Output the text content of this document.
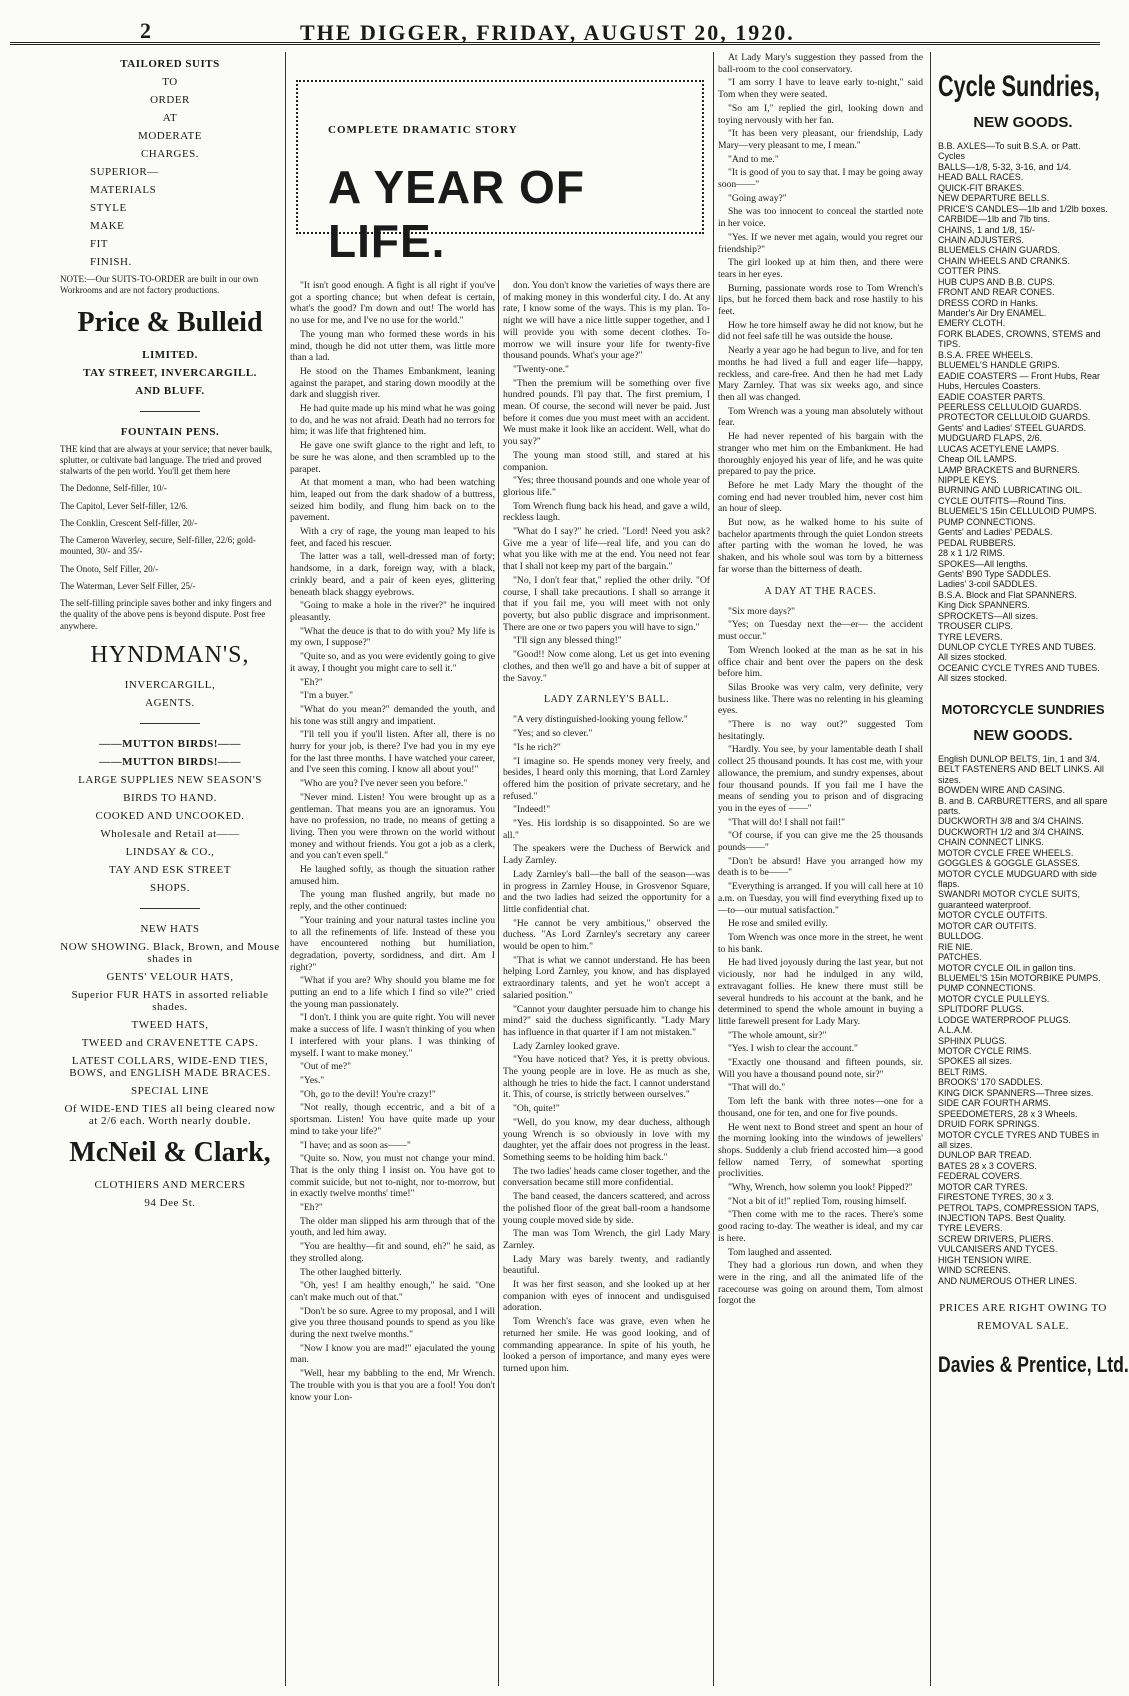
2	THE DIGGER, FRIDAY, AUGUST 20, 1920.
TAILORED SUITS
TO
ORDER
AT
MODERATE
CHARGES.
SUPERIOR—
MATERIALS
STYLE
MAKE
FIT
FINISH.
NOTE:—Our SUITS-TO-ORDER are built in our own Workrooms and are not factory productions.
Price & Bulleid
LIMITED.
TAY STREET, INVERCARGILL.
AND BLUFF.
FOUNTAIN PENS.
THE kind that are always at your service; that never baulk, splutter, or cultivate bad language. The tried and proved stalwarts of the pen world. You'll get them here
The Dedonne, Self-filler, 10/-
The Capitol, Lever Self-filler, 12/6.
The Conklin, Crescent Self-filler, 20/-
The Cameron Waverley, secure, Self-filler, 22/6; gold-mounted, 30/- and 35/-
The Onoto, Self Filler, 20/-
The Waterman, Lever Self Filler, 25/-
The self-filling principle saves bother and inky fingers and the quality of the above pens is beyond dispute. Post free anywhere.
HYNDMAN'S,
INVERCARGILL,
AGENTS.
——MUTTON BIRDS!——
——MUTTON BIRDS!——
LARGE SUPPLIES NEW SEASON'S
BIRDS TO HAND.
COOKED AND UNCOOKED.
Wholesale and Retail at——
LINDSAY & CO.,
TAY AND ESK STREET
SHOPS.
NEW HATS
NOW SHOWING. Black, Brown, and Mouse shades in
GENTS' VELOUR HATS,
Superior FUR HATS in assorted reliable shades.
TWEED HATS,
TWEED and CRAVENETTE CAPS.
LATEST COLLARS, WIDE-END TIES, BOWS, and ENGLISH MADE BRACES.
SPECIAL LINE
Of WIDE-END TIES all being cleared now at 2/6 each. Worth nearly double.
McNeil & Clark,
CLOTHIERS AND MERCERS
94 Dee St.
COMPLETE DRAMATIC STORY
A YEAR OF LIFE.

"It isn't good enough. A fight is all right if you've got a sporting chance; but when defeat is certain, what's the good? I'm down and out! The world has no use for me, and I've no use for the world."

The young man who formed these words in his mind, though he did not utter them, was little more than a lad.

He stood on the Thames Embankment, leaning against the parapet, and staring down moodily at the dark and sluggish river.

He had quite made up his mind what he was going to do, and he was not afraid. Death had no terrors for him; it was life that frightened him.

He gave one swift glance to the right and left, to be sure he was alone, and then scrambled up to the parapet.

At that moment a man, who had been watching him, leaped out from the dark shadow of a buttress, seized him bodily, and flung him back on to the pavement.

With a cry of rage, the young man leaped to his feet, and faced his rescuer.

The latter was a tall, well-dressed man of forty; handsome, in a dark, foreign way, with a black, crinkly beard, and a pair of keen eyes, glittering beneath black shaggy eyebrows.

"Going to make a hole in the river?" he inquired pleasantly.

"What the deuce is that to do with you? My life is my own, I suppose?"

"Quite so, and as you were evidently going to give it away, I thought you might care to sell it."

"Eh?"

"I'm a buyer."

"What do you mean?" demanded the youth, and his tone was still angry and impatient.

"I'll tell you if you'll listen. After all, there is no hurry for your job, is there? I've had you in my eye for the last three months. I have watched your career, and I've seen this coming. I know all about you!"

"Who are you? I've never seen you before."

"Never mind. Listen! You were brought up as a gentleman. That means you are an ignoramus. You have no profession, no trade, no means of getting a living. Then you were thrown on the world without money and without friends. You got a job as a clerk, and you can't even spell."

He laughed softly, as though the situation rather amused him.

The young man flushed angrily, but made no reply, and the other continued:

"Your training and your natural tastes incline you to all the refinements of life. Instead of these you have encountered nothing but humiliation, degradation, poverty, sordidness, and dirt. Am I right?"

"What if you are? Why should you blame me for putting an end to a life which I find so vile?" cried the young man passionately.

"I don't. I think you are quite right. You will never make a success of life. I wasn't thinking of you when I interfered with your plans. I was thinking of myself. I want to make money."

"Out of me?"

"Yes."

"Oh, go to the devil! You're crazy!"

"Not really, though eccentric, and a bit of a sportsman. Listen! You have quite made up your mind to take your life?"

"I have; and as soon as——"

"Quite so. Now, you must not change your mind. That is the only thing I insist on. You have got to commit suicide, but not to-night, nor to-morrow, but in exactly twelve months' time!"

"Eh?"

The older man slipped his arm through that of the youth, and led him away.

"You are healthy—fit and sound, eh?" he said, as they strolled along.

The other laughed bitterly.

"Oh, yes! I am healthy enough," he said. "One can't make much out of that."

"Don't be so sure. Agree to my proposal, and I will give you three thousand pounds to spend as you like during the next twelve months."

"Now I know you are mad!" ejaculated the young man.

"Well, hear my babbling to the end, Mr Wrench. The trouble with you is that you are a fool! You don't know your Lon-

don. You don't know the varieties of ways there are of making money in this wonderful city. I do. At any rate, I know some of the ways. This is my plan. To-night we will have a nice little supper together, and I will provide you with some decent clothes. To-morrow we will insure your life for twenty-five thousand pounds. What's your age?"

"Twenty-one."

"Then the premium will be something over five hundred pounds. I'll pay that. The first premium, I mean. Of course, the second will never be paid. Just before it comes due you must meet with an accident. We must make it look like an accident. Well, what do you say?"

The young man stood still, and stared at his companion.

"Yes; three thousand pounds and one whole year of glorious life."

Tom Wrench flung back his head, and gave a wild, reckless laugh.

"What do I say?" he cried. "Lord! Need you ask? Give me a year of life—real life, and you can do what you like with me at the end. You need not fear that I shall not keep my part of the bargain."

"No, I don't fear that," replied the other drily. "Of course, I shall take precautions. I shall so arrange it that if you fail me, you will meet with not only poverty, but also public disgrace and imprisonment. There are one or two papers you will have to sign."

"I'll sign any blessed thing!"

"Good!! Now come along. Let us get into evening clothes, and then we'll go and have a bit of supper at the Savoy."

LADY ZARNLEY'S BALL.

"A very distinguished-looking young fellow."

"Yes; and so clever."

"Is he rich?"

"I imagine so. He spends money very freely, and besides, I heard only this morning, that Lord Zarnley offered him the position of private secretary, and he refused."

"Indeed!"

"Yes. His lordship is so disappointed. So are we all."

The speakers were the Duchess of Berwick and Lady Zarnley.

Lady Zarnley's ball—the ball of the season—was in progress in Zarnley House, in Grosvenor Square, and the two ladies had seized the opportunity for a little confidential chat.

"He cannot be very ambitious," observed the duchess. "As Lord Zarnley's secretary any career would be open to him."

"That is what we cannot understand. He has been helping Lord Zarnley, you know, and has displayed extraordinary talents, and yet he won't accept a salaried position."

"Cannot your daughter persuade him to change his mind?" said the duchess significantly. "Lady Mary has influence in that quarter if I am not mistaken."

Lady Zarnley looked grave.

"You have noticed that? Yes, it is pretty obvious. The young people are in love. He as much as she, although he tries to hide the fact. I cannot understand it. This, of course, is strictly between ourselves."

"Oh, quite!"

"Well, do you know, my dear duchess, although young Wrench is so obviously in love with my daughter, yet the affair does not progress in the least. Something seems to be holding him back."

The two ladies' heads came closer together, and the conversation became still more confidential.

The band ceased, the dancers scattered, and across the polished floor of the great ball-room a handsome young couple moved side by side.

The man was Tom Wrench, the girl Lady Mary Zarnley.

Lady Mary was barely twenty, and radiantly beautiful.

It was her first season, and she looked up at her companion with eyes of innocent and undisguised adoration.

Tom Wrench's face was grave, even when he returned her smile. He was good looking, and of commanding appearance. In spite of his youth, he looked a person of importance, and many eyes were turned upon him.

At Lady Mary's suggestion they passed from the ball-room to the cool conservatory.

"I am sorry I have to leave early to-night," said Tom when they were seated.

"So am I," replied the girl, looking down and toying nervously with her fan.

"It has been very pleasant, our friendship, Lady Mary—very pleasant to me, I mean."

"And to me."

"It is good of you to say that. I may be going away soon——"

"Going away?"

She was too innocent to conceal the startled note in her voice.

"Yes. If we never met again, would you regret our friendship?"

The girl looked up at him then, and there were tears in her eyes.

Burning, passionate words rose to Tom Wrench's lips, but he forced them back and rose hastily to his feet.

How he tore himself away he did not know, but he did not feel safe till he was outside the house.

Nearly a year ago he had begun to live, and for ten months he had lived a full and eager life—happy, reckless, and care-free. And then he had met Lady Mary Zarnley. That was six weeks ago, and since then all was changed.

Tom Wrench was a young man absolutely without fear.

He had never repented of his bargain with the stranger who met him on the Embankment. He had thoroughly enjoyed his year of life, and he was quite prepared to pay the price.

Before he met Lady Mary the thought of the coming end had never troubled him, never cost him an hour of sleep.

But now, as he walked home to his suite of bachelor apartments through the quiet London streets after parting with the woman he loved, he was shaken, and his whole soul was torn by a bitterness far worse than the bitterness of death.

A DAY AT THE RACES.

"Six more days?"

"Yes; on Tuesday next the—er— the accident must occur."

Tom Wrench looked at the man as he sat in his office chair and bent over the papers on the desk before him.

Silas Brooke was very calm, very definite, very business like. There was no relenting in his gleaming eyes.

"There is no way out?" suggested Tom hesitatingly.

"Hardly. You see, by your lamentable death I shall collect 25 thousand pounds. It has cost me, with your allowance, the premium, and sundry expenses, about four thousand pounds. If you fail me I have the means of sending you to prison and of disgracing you in the eyes of ——"

"That will do! I shall not fail!"

"Of course, if you can give me the 25 thousands pounds——"

"Don't be absurd! Have you arranged how my death is to be——"

"Everything is arranged. If you will call here at 10 a.m. on Tuesday, you will find everything fixed up to—to—our mutual satisfaction."

He rose and smiled evilly.

Tom Wrench was once more in the street, he went to his bank.

He had lived joyously during the last year, but not viciously, nor had he indulged in any wild, extravagant follies. He knew there must still be several hundreds to his account at the bank, and he determined to spend the whole amount in buying a little farewell present for Lady Mary.

"The whole amount, sir?"

"Yes. I wish to clear the account."

"Exactly one thousand and fifteen pounds, sir. Will you have a thousand pound note, sir?"

"That will do."

Tom left the bank with three notes—one for a thousand, one for ten, and one for five pounds.

He went next to Bond street and spent an hour of the morning looking into the windows of jewellers' shops. Suddenly a club friend accosted him—a good fellow named Terry, of somewhat sporting proclivities.

"Why, Wrench, how solemn you look! Pipped?"

"Not a bit of it!" replied Tom, rousing himself.

"Then come with me to the races. There's some good racing to-day. The weather is ideal, and my car is here.

Tom laughed and assented.

They had a glorious run down, and when they were in the ring, and all the animated life of the racecourse was going on around them, Tom almost forgot the

Cycle Sundries,
NEW GOODS.
B.B. AXLES—To suit B.S.A. or Patt. Cycles
BALLS—1/8, 5-32, 3-16, and 1/4.
HEAD BALL RACES.
QUICK-FIT BRAKES.
NEW DEPARTURE BELLS.
PRICE'S CANDLES—1lb and 1/2lb boxes.
CARBIDE—1lb and 7lb tins.
CHAINS, 1 and 1/8, 15/-
CHAIN ADJUSTERS.
BLUEMELS CHAIN GUARDS.
CHAIN WHEELS AND CRANKS.
COTTER PINS.
HUB CUPS AND B.B. CUPS.
FRONT AND REAR CONES.
DRESS CORD in Hanks.
Mander's Air Dry ENAMEL.
EMERY CLOTH.
FORK BLADES, CROWNS, STEMS and TIPS.
B.S.A. FREE WHEELS.
BLUEMEL'S HANDLE GRIPS.
EADIE COASTERS — Front Hubs, Rear Hubs, Hercules Coasters.
EADIE COASTER PARTS.
PEERLESS CELLULOID GUARDS.
PROTECTOR CELLULOID GUARDS.
Gents' and Ladies' STEEL GUARDS.
MUDGUARD FLAPS, 2/6.
LUCAS ACETYLENE LAMPS.
Cheap OIL LAMPS.
LAMP BRACKETS and BURNERS.
NIPPLE KEYS.
BURNING AND LUBRICATING OIL.
CYCLE OUTFITS—Round Tins.
BLUEMEL'S 15in CELLULOID PUMPS.
PUMP CONNECTIONS.
Gents' and Ladies' PEDALS.
PEDAL RUBBERS.
28 x 1 1/2 RIMS.
SPOKES—All lengths.
Gents' B90 Type SADDLES.
Ladies' 3-coil SADDLES.
B.S.A. Block and Flat SPANNERS.
King Dick SPANNERS.
SPROCKETS—All sizes.
TROUSER CLIPS.
TYRE LEVERS.
DUNLOP CYCLE TYRES AND TUBES. All sizes stocked.
OCEANIC CYCLE TYRES AND TUBES. All sizes stocked.
MOTORCYCLE SUNDRIES
NEW GOODS.
English DUNLOP BELTS, 1in, 1 and 3/4.
BELT FASTENERS AND BELT LINKS. All sizes.
BOWDEN WIRE AND CASING.
B. and B. CARBURETTERS, and all spare parts.
DUCKWORTH 3/8 and 3/4 CHAINS.
DUCKWORTH 1/2 and 3/4 CHAINS.
CHAIN CONNECT LINKS.
MOTOR CYCLE FREE WHEELS.
GOGGLES & GOGGLE GLASSES.
MOTOR CYCLE MUDGUARD with side flaps.
SWANDRI MOTOR CYCLE SUITS, guaranteed waterproof.
MOTOR CYCLE OUTFITS.
MOTOR CAR OUTFITS.
BULLDOG.
RIE NIE.
PATCHES.
MOTOR CYCLE OIL in gallon tins.
BLUEMEL'S 15in MOTORBIKE PUMPS.
PUMP CONNECTIONS.
MOTOR CYCLE PULLEYS.
SPLITDORF PLUGS.
LODGE WATERPROOF PLUGS.
A.L.A.M.
SPHINX PLUGS.
MOTOR CYCLE RIMS.
SPOKES all sizes.
BELT RIMS.
BROOKS' 170 SADDLES.
KING DICK SPANNERS—Three sizes.
SIDE CAR FOURTH ARMS.
SPEEDOMETERS, 28 x 3 Wheels.
DRUID FORK SPRINGS.
MOTOR CYCLE TYRES AND TUBES in all sizes.
DUNLOP BAR TREAD.
BATES 28 x 3 COVERS.
FEDERAL COVERS.
MOTOR CAR TYRES.
FIRESTONE TYRES, 30 x 3.
PETROL TAPS, COMPRESSION TAPS, INJECTION TAPS. Best Quality.
TYRE LEVERS.
SCREW DRIVERS, PLIERS.
VULCANISERS AND TYCES.
HIGH TENSION WIRE.
WIND SCREENS.
AND NUMEROUS OTHER LINES.
PRICES ARE RIGHT OWING TO
REMOVAL SALE.
Davies & Prentice, Ltd.
